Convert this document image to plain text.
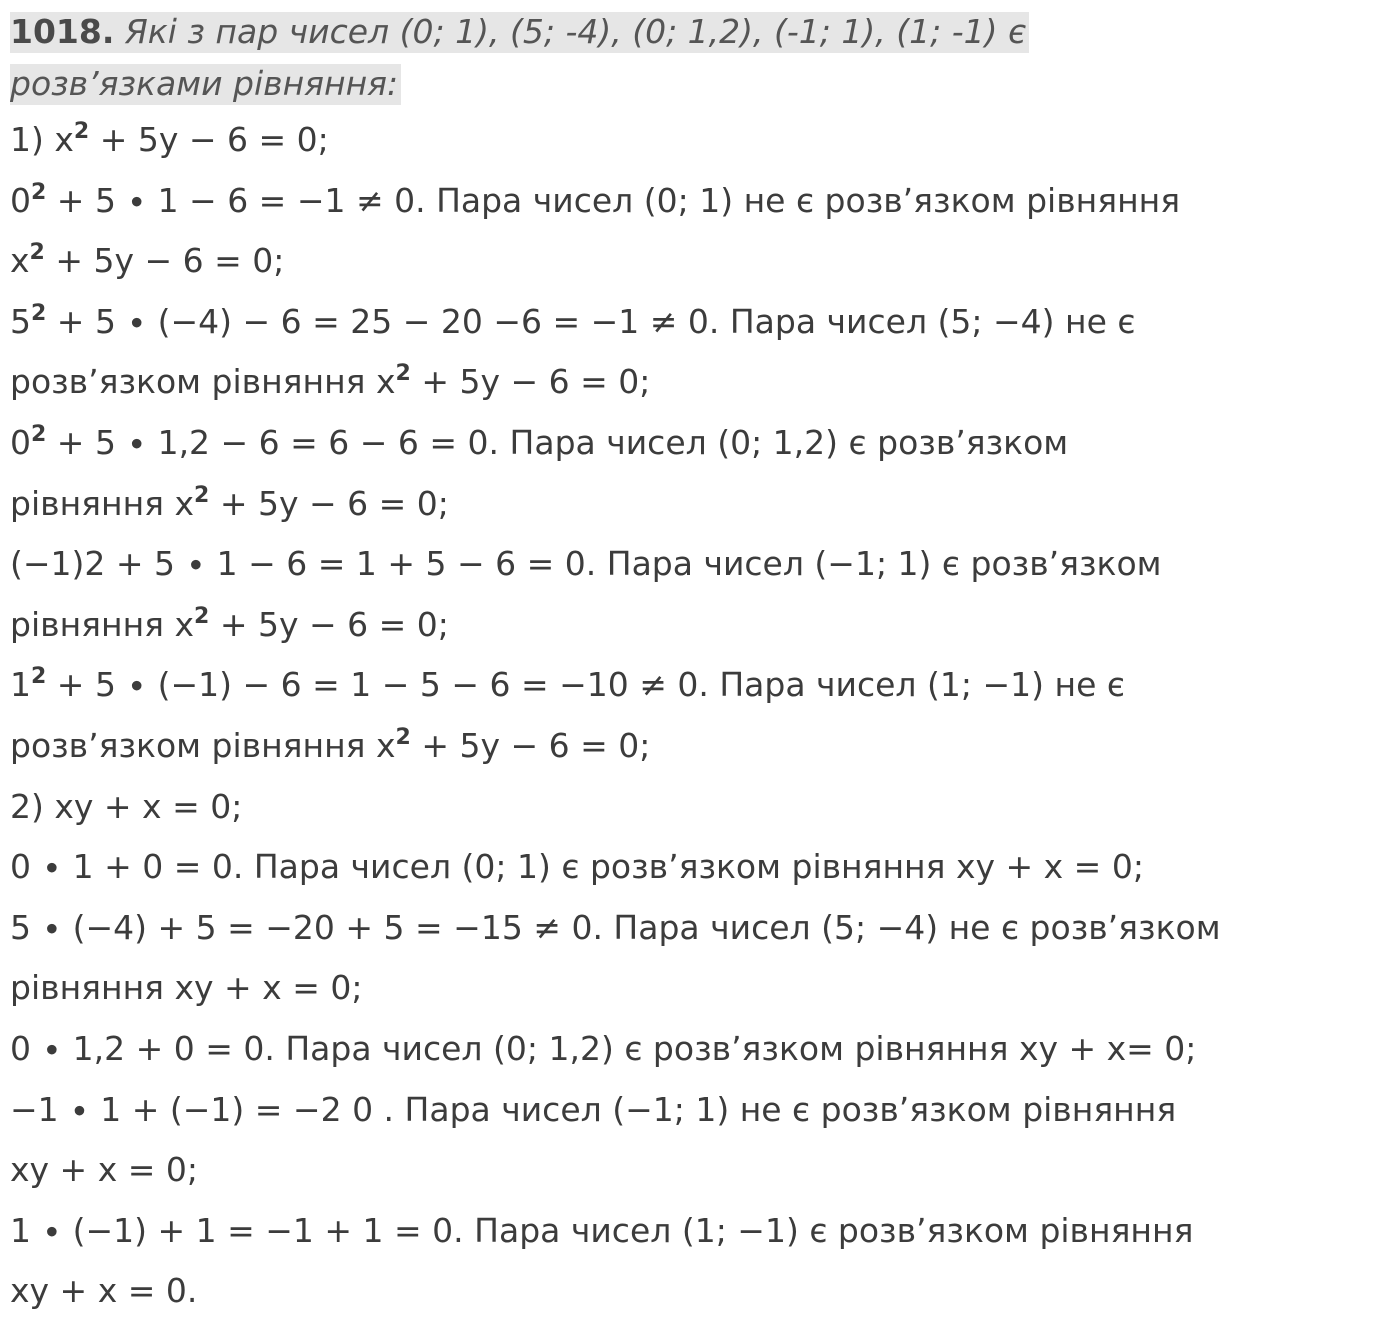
1018. Які з пар чисел (0; 1), (5; -4), (0; 1,2), (-1; 1), (1; -1) є
розв’язками рівняння:
1) $x^2 + 5y - 6 = 0$;
$0^2 + 5 \cdot 1 - 6 = -1 \ne 0$. Пара чисел (0; 1) не є розв’язком рівняння
$x^2 + 5y - 6 = 0$;
$5^2 + 5 \cdot (-4) - 6 = 25 - 20 -6 = -1 \ne 0$. Пара чисел (5; −4) не є
розв’язком рівняння $x^2 + 5y - 6 = 0$;
$0^2 + 5 \cdot 1,2 - 6 = 6 - 6 = 0$. Пара чисел (0; 1,2) є розв’язком
рівняння $x^2 + 5y - 6 = 0$;
(−1)2 + 5 ∙ 1 − 6 = 1 + 5 − 6 = 0. Пара чисел (−1; 1) є розв’язком
рівняння $x^2 + 5y - 6 = 0$;
$1^2 + 5 \cdot (-1) - 6 = 1 - 5 - 6 = -10 \ne 0$. Пара чисел (1; −1) не є
розв’язком рівняння $x^2 + 5y - 6 = 0$;
2) xy + x = 0;
0 ∙ 1 + 0 = 0. Пара чисел (0; 1) є розв’язком рівняння xy + x = 0;
5 ∙ (−4) + 5 = −20 + 5 = −15 ≠ 0. Пара чисел (5; −4) не є розв’язком
рівняння xy + x = 0;
0 ∙ 1,2 + 0 = 0. Пара чисел (0; 1,2) є розв’язком рівняння xy + x= 0;
−1 ∙ 1 + (−1) = −2 0 . Пара чисел (−1; 1) не є розв’язком рівняння
xy + x = 0;
1 ∙ (−1) + 1 = −1 + 1 = 0. Пара чисел (1; −1) є розв’язком рівняння
xy + x = 0.
